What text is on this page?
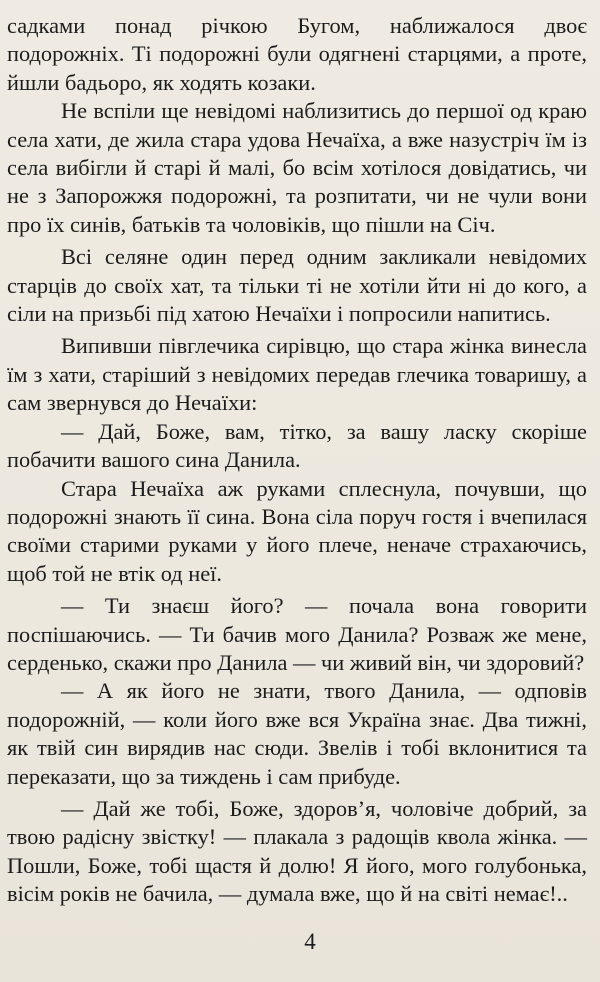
садками понад річкою Бугом, наближалося двоє подорожніх. Ті подорожні були одягнені старцями, а проте, йшли бадьоро, як ходять козаки.

Не вспіли ще невідомі наблизитись до першої од краю села хати, де жила стара удова Нечаїха, а вже назустріч їм із села вибігли й старі й малі, бо всім хотілося довідатись, чи не з Запорожжя подорожні, та розпитати, чи не чули вони про їх синів, батьків та чоловіків, що пішли на Січ.

Всі селяне один перед одним закликали невідомих старців до своїх хат, та тільки ті не хотіли йти ні до кого, а сіли на призьбі під хатою Нечаїхи і попросили напитись.

Випивши півглечика сирівцю, що стара жінка винесла їм з хати, старіший з невідомих передав глечика товаришу, а сам звернувся до Нечаїхи:

— Дай, Боже, вам, тітко, за вашу ласку скоріше побачити вашого сина Данила.

Стара Нечаїха аж руками сплеснула, почувши, що подорожні знають її сина. Вона сіла поруч гостя і вчепилася своїми старими руками у його плече, неначе страхаючись, щоб той не втік од неї.

— Ти знаєш його? — почала вона говорити поспішаючись. — Ти бачив мого Данила? Розваж же мене, серденько, скажи про Данила — чи живий він, чи здоровий?

— А як його не знати, твого Данила, — одповів подорожній, — коли його вже вся Україна знає. Два тижні, як твій син вирядив нас сюди. Звелів і тобі вклонитися та переказати, що за тиждень і сам прибуде.

— Дай же тобі, Боже, здоров’я, чоловіче добрий, за твою радісну звістку! — плакала з радощів квола жінка. — Пошли, Боже, тобі щастя й долю! Я його, мого голубонька, вісім років не бачила, — думала вже, що й на світі немає!..

4
